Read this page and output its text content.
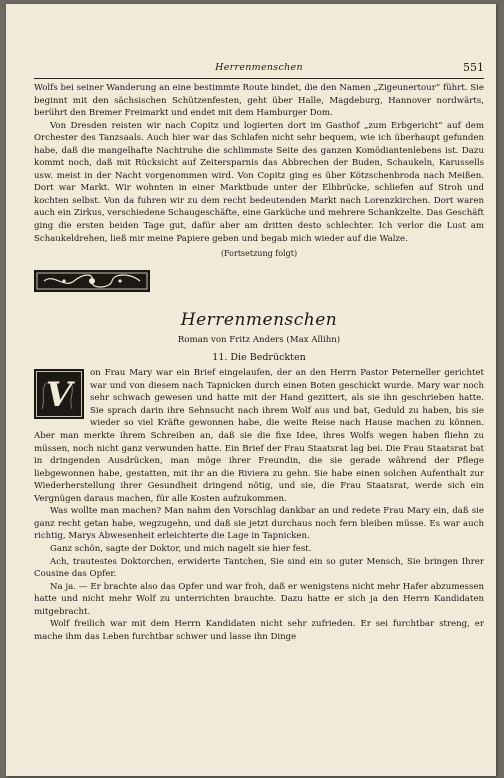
Herrenmenschen	551

Wolfs bei seiner Wanderung an eine bestimmte Route bindet, die den Namen „Zigeunertour“ führt. Sie beginnt mit den sächsischen Schützenfesten, geht über Halle, Magdeburg, Hannover nordwärts, berührt den Bremer Freimarkt und endet mit dem Hamburger Dom.

Von Dresden reisten wir nach Copitz und logierten dort im Gasthof „zum Erbgericht“ auf dem Orchester des Tanzsaals. Auch hier war das Schlafen nicht sehr bequem, wie ich überhaupt gefunden habe, daß die mangelhafte Nachtruhe die schlimmste Seite des ganzen Komödiantenlebens ist. Dazu kommt noch, daß mit Rücksicht auf Zeitersparnis das Abbrechen der Buden, Schaukeln, Karussells usw. meist in der Nacht vorgenommen wird. Von Copitz ging es über Kötzschenbroda nach Meißen. Dort war Markt. Wir wohnten in einer Marktbude unter der Elbbrücke, schliefen auf Stroh und kochten selbst. Von da fuhren wir zu dem recht bedeutenden Markt nach Lorenzkirchen. Dort waren auch ein Zirkus, verschiedene Schaugeschäfte, eine Garküche und mehrere Schankzelte. Das Geschäft ging die ersten beiden Tage gut, dafür aber am dritten desto schlechter. Ich verlor die Lust am Schaukeldrehen, ließ mir meine Papiere geben und begab mich wieder auf die Walze.

(Fortsetzung folgt)
Herrenmenschen
Roman von Fritz Anders (Max Allihn)
11. Die Bedrückten
V

on Frau Mary war ein Brief eingelaufen, der an den Herrn Pastor Peterneller gerichtet war und von diesem nach Tapnicken durch einen Boten geschickt wurde. Mary war noch sehr schwach gewesen und hatte mit der Hand gezittert, als sie ihn geschrieben hatte. Sie sprach darin ihre Sehnsucht nach ihrem Wolf aus und bat, Geduld zu haben, bis sie wieder so viel Kräfte gewonnen habe, die weite Reise nach Hause machen zu können. Aber man merkte ihrem Schreiben an, daß sie die fixe Idee, ihres Wolfs wegen haben fliehn zu müssen, noch nicht ganz verwunden hatte. Ein Brief der Frau Staatsrat lag bei. Die Frau Staatsrat bat in dringenden Ausdrücken, man möge ihrer Freundin, die sie gerade während der Pflege liebgewonnen habe, gestatten, mit ihr an die Riviera zu gehn. Sie habe einen solchen Aufenthalt zur Wiederherstellung ihrer Gesundheit dringend nötig, und sie, die Frau Staatsrat, werde sich ein Vergnügen daraus machen, für alle Kosten aufzukommen.

Was wollte man machen? Man nahm den Vorschlag dankbar an und redete Frau Mary ein, daß sie ganz recht getan habe, wegzugehn, und daß sie jetzt durchaus noch fern bleiben müsse. Es war auch richtig, Marys Abwesenheit erleichterte die Lage in Tapnicken.

Ganz schön, sagte der Doktor, und mich nagelt sie hier fest.

Ach, trautestes Doktorchen, erwiderte Tantchen, Sie sind ein so guter Mensch, Sie bringen Ihrer Cousine das Opfer.

Na ja. — Er brachte also das Opfer und war froh, daß er wenigstens nicht mehr Hafer abzumessen hatte und nicht mehr Wolf zu unterrichten brauchte. Dazu hatte er sich ja den Herrn Kandidaten mitgebracht.

Wolf freilich war mit dem Herrn Kandidaten nicht sehr zufrieden. Er sei furchtbar streng, er mache ihm das Leben furchtbar schwer und lasse ihn Dinge
